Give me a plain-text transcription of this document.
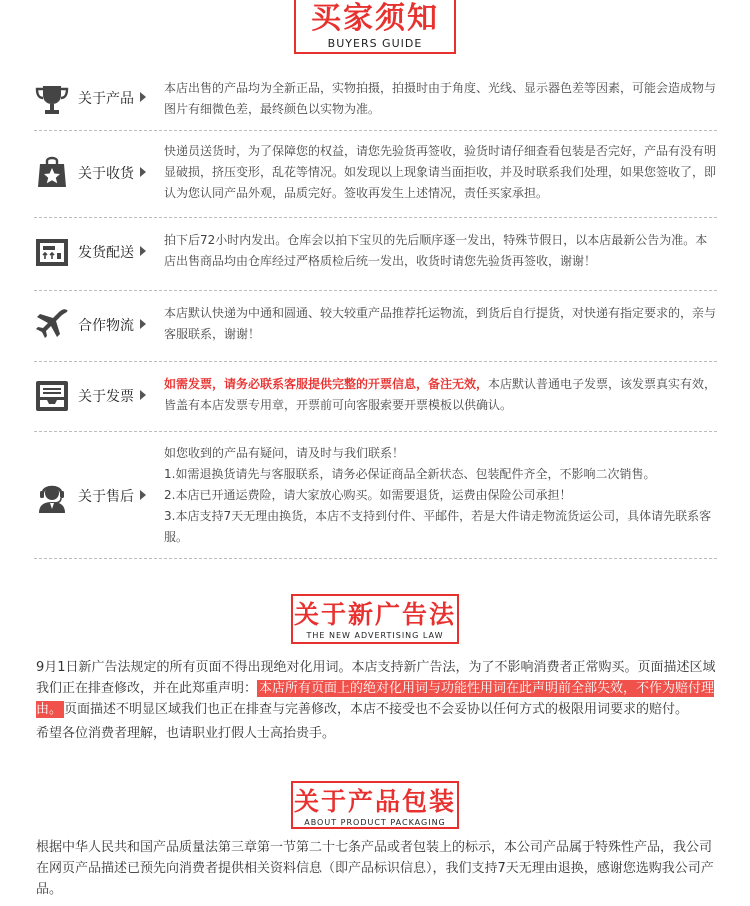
买家须知
BUYERS GUIDE
关于产品

本店出售的产品均为全新正品，实物拍摄，拍摄时由于角度、光线、显示器色差等因素，可能会造成物与图片有细微色差，最终颜色以实物为准。

关于收货

快递员送货时，为了保障您的权益，请您先验货再签收，验货时请仔细查看包装是否完好，产品有没有明显破损，挤压变形，乱花等情况。如发现以上现象请当面拒收，并及时联系我们处理，如果您签收了，即认为您认同产品外观，品质完好。签收再发生上述情况，责任买家承担。

发货配送

拍下后72小时内发出。仓库会以拍下宝贝的先后顺序逐一发出，特殊节假日，以本店最新公告为准。本店出售商品均由仓库经过严格质检后统一发出，收货时请您先验货再签收，谢谢！

合作物流

本店默认快递为中通和圆通、较大较重产品推荐托运物流，到货后自行提货，对快递有指定要求的，亲与客服联系，谢谢！

关于发票

如需发票，请务必联系客服提供完整的开票信息，备注无效，本店默认普通电子发票，该发票真实有效，皆盖有本店发票专用章，开票前可向客服索要开票模板以供确认。

关于售后

如您收到的产品有疑问，请及时与我们联系！

1.如需退换货请先与客服联系，请务必保证商品全新状态、包装配件齐全，不影响二次销售。

2.本店已开通运费险，请大家放心购买。如需要退货，运费由保险公司承担！

3.本店支持7天无理由换货，本店不支持到付件、平邮件，若是大件请走物流货运公司，具体请先联系客服。

关于新广告法
THE NEW ADVERTISING LAW

9月1日新广告法规定的所有页面不得出现绝对化用词。本店支持新广告法，为了不影响消费者正常购买。页面描述区域我们正在排查修改，并在此郑重声明： 本店所有页面上的绝对化用词与功能性用词在此声明前全部失效，不作为赔付理由。 页面描述不明显区域我们也正在排查与完善修改，本店不接受也不会妥协以任何方式的极限用词要求的赔付。

希望各位消费者理解，也请职业打假人士高抬贵手。

关于产品包装
ABOUT PRODUCT PACKAGING

根据中华人民共和国产品质量法第三章第一节第二十七条产品或者包装上的标示，本公司产品属于特殊性产品，我公司在网页产品描述已预先向消费者提供相关资料信息（即产品标识信息），我们支持7天无理由退换，感谢您选购我公司产品。
